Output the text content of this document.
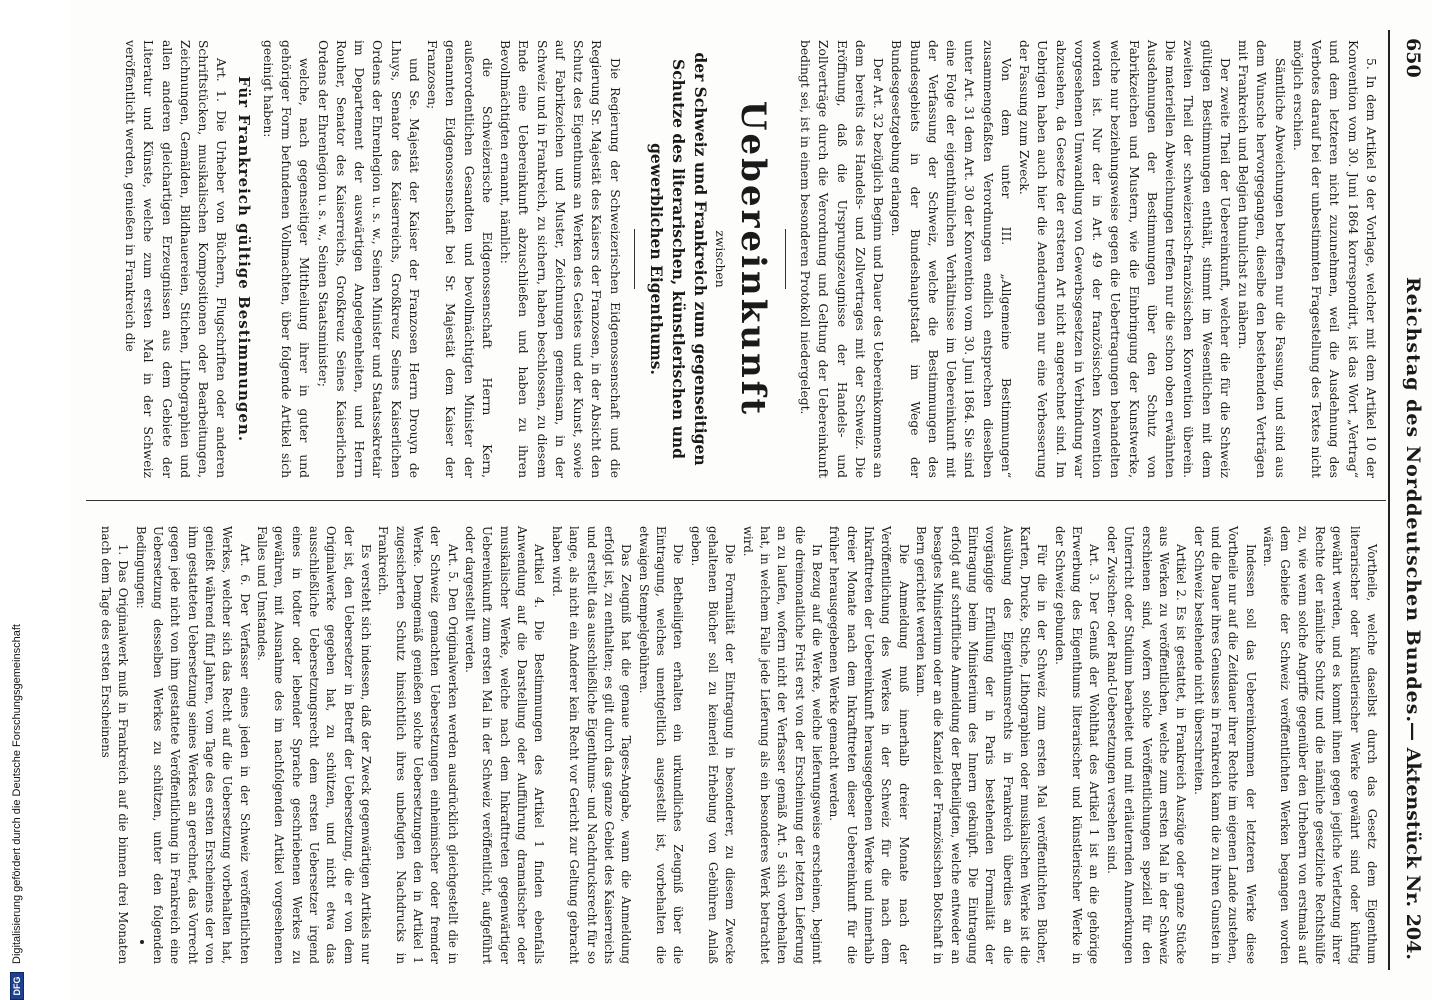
DFG
Digitalisierung gefördert durch die Deutsche Forschungsgemeinschaft
650
Reichstag des Norddeutschen Bundes.
— Aktenstück Nr. 204.

5. In dem Artikel 9 der Vorlage, welcher mit dem Artikel 10 der Konvention vom 30. Juni 1864 korrespondirt, ist das Wort „Vertrag“ und dem letzteren nicht zuzunehmen, weil die Ausdehnung des Verbotes darauf bei der unbestimmten Fragestellung des Textes nicht möglich erschien.

Sämtliche Abweichungen betreffen nur die Fassung, und sind aus dem Wunsche hervorgegangen, dieselbe den bestehenden Verträgen mit Frankreich und Belgien thunlichst zu nähern.

Der zweite Theil der Uebereinkunft, welcher die für die Schweiz gültigen Bestimmungen enthält, stimmt im Wesentlichen mit dem zweiten Theil der schweizerisch-französischen Konvention überein. Die materiellen Abweichungen treffen nur die schon oben erwähnten Ausdehnungen der Bestimmungen über den Schutz von Fabrikzeichen und Mustern, wie die Einbringung der Kunstwerke, welche nur beziehungsweise gegen die Uebertragungen behandelten worden ist. Nur der in Art. 49 der französischen Konvention vorgesehenen Umwandlung von Gewerbsgesetzen in Verbindung war abzusehen, da Gesetze der ersteren Art nicht angerechnet sind. Im Uebrigen haben auch hier die Aenderungen nur eine Verbesserung der Fassung zum Zweck.

Von dem unter III. „Allgemeine Bestimmungen“ zusammengefaßten Verordnungen endlich entsprechen dieselben unter Art. 31 dem Art. 30 der Konvention vom 30. Juni 1864. Sie sind eine Folge der eigenthümlichen Verhältnisse im Uebereinkunft mit der Verfassung der Schweiz, welche die Bestimmungen des Bundesgebiets in der Bundeshauptstadt im Wege der Bundesgesetzgebung erlangen.

Der Art. 32 bezüglich Beginn und Dauer des Uebereinkommens an dem bereits des Handels- und Zollvertrages mit der Schweiz. Die Eröffnung, daß die Ursprungszeugnisse der Handels- und Zollverträge durch die Verordnung und Geltung der Uebereinkunft bedingt sei, ist in einem besonderen Protokoll niedergelegt.

Uebereinkunft

zwischen

der Schweiz und Frankreich zum gegenseitigen Schutze des literarischen, künstlerischen und gewerblichen Eigenthums.

Die Regierung der Schweizerischen Eidgenossenschaft und die Regierung Sr. Majestät des Kaisers der Franzosen, in der Absicht den Schutz des Eigenthums an Werken des Geistes und der Kunst, sowie auf Fabrikzeichen und Muster, Zeichnungen gemeinsam, in der Schweiz und in Frankreich, zu sichern, haben beschlossen, zu diesem Ende eine Uebereinkunft abzuschließen und haben zu ihren Bevollmächtigten ernannt, nämlich:

die Schweizerische Eidgenossenschaft Herrn Kern, außerordentlichen Gesandten und bevollmächtigten Minister der genannten Eidgenossenschaft bei Sr. Majestät dem Kaiser der Franzosen;

und Se. Majestät der Kaiser der Franzosen Herrn Drouyn de Lhuys, Senator des Kaiserreichs, Großkreuz Seines Kaiserlichen Ordens der Ehrenlegion u. s. w., Seinen Minister und Staatssekretair im Departement der auswärtigen Angelegenheiten, und Herrn Rouher, Senator des Kaiserreichs, Großkreuz Seines Kaiserlichen Ordens der Ehrenlegion u. s. w., Seinen Staatsminister;

welche, nach gegenseitiger Mittheilung ihrer in guter und gehöriger Form befundenen Vollmachten, über folgende Artikel sich geeinigt haben:

Für Frankreich gültige Bestimmungen.

Art. 1. Die Urheber von Büchern, Flugschriften oder anderen Schriftstücken, musikalischen Kompositionen oder Bearbeitungen, Zeichnungen, Gemälden, Bildhauereien, Stichen, Lithographien und allen anderen gleichartigen Erzeugnissen aus dem Gebiete der Literatur und Künste, welche zum ersten Mal in der Schweiz veröffentlicht werden, genießen in Frankreich die

Vortheile, welche daselbst durch das Gesetz dem Eigenthum literarischer oder künstlerischer Werke gewährt sind oder künftig gewährt werden, und es kommt ihnen gegen jegliche Verletzung ihrer Rechte der nämliche Schutz und die nämliche gesetzliche Rechtshülfe zu, wie wenn solche Angriffe gegenüber den Urhebern von erstmals auf dem Gebiete der Schweiz veröffentlichten Werken begangen worden wären.

Indessen soll das Uebereinkommen der letzteren Werke diese Vortheile nur auf die Zeitdauer ihrer Rechte im eigenen Lande zustehen, und die Dauer ihres Genusses in Frankreich kann die zu ihren Gunsten in der Schweiz bestehende nicht überschreiten.

Artikel 2. Es ist gestattet, in Frankreich Auszüge oder ganze Stücke aus Werken zu veröffentlichen, welche zum ersten Mal in der Schweiz erschienen sind, wofern solche Veröffentlichungen speziell für den Unterricht oder Studium bearbeitet und mit erläuternden Anmerkungen oder Zwischen- oder Rand-Uebersetzungen versehen sind.

Art. 3. Der Genuß der Wohlthat des Artikel 1 ist an die gehörige Erwerbung des Eigenthums literarischer und künstlerischer Werke in der Schweiz gebunden.

Für die in der Schweiz zum ersten Mal veröffentlichten Bücher, Karten, Drucke, Stiche, Lithographien oder musikalischen Werke ist die Ausübung des Eigenthumsrechts in Frankreich überdies an die vorgängige Erfüllung der in Paris bestehenden Formalität der Eintragung beim Ministerium des Innern geknüpft. Die Eintragung erfolgt auf schriftliche Anmeldung der Betheiligten, welche entweder an besagtes Ministerium oder an die Kanzlei der Französischen Botschaft in Bern gerichtet werden kann.

Die Anmeldung muß innerhalb dreier Monate nach der Veröffentlichung des Werkes in der Schweiz für die nach dem Inkrafttreten der Uebereinkunft herausgegebenen Werke und innerhalb dreier Monate nach dem Inkrafttreten dieser Uebereinkunft für die früher herausgegebenen Werke gemacht werden.

In Bezug auf die Werke, welche lieferungsweise erscheinen, beginnt die dreimonatliche Frist erst von der Erscheinung der letzten Lieferung an zu laufen, wofern nicht der Verfasser gemäß Art. 5 sich vorbehalten hat, in welchem Falle jede Lieferung als ein besonderes Werk betrachtet wird.

Die Formalität der Eintragung in besonderer, zu diesem Zwecke gehaltenen Bücher soll zu keinerlei Erhebung von Gebühren Anlaß geben.

Die Betheiligten erhalten ein urkundliches Zeugniß über die Eintragung, welches unentgeltlich ausgestellt ist, vorbehalten die etwaigen Stempelgebühren.

Das Zeugniß hat die genaue Tages-Angabe, wann die Anmeldung erfolgt ist, zu enthalten; es gilt durch das ganze Gebiet des Kaiserreichs und erstellt das ausschließliche Eigenthums- und Nachdrucksrecht für so lange, als nicht ein Anderer kein Recht vor Gericht zur Geltung gebracht haben wird.

Artikel 4. Die Bestimmungen des Artikel 1 finden ebenfalls Anwendung auf die Darstellung oder Aufführung dramatischer oder musikalischer Werke, welche nach dem Inkrafttreten gegenwärtiger Uebereinkunft zum ersten Mal in der Schweiz veröffentlicht, aufgeführt oder dargestellt werden.

Art. 5. Den Originalwerken werden ausdrücklich gleichgestellt die in der Schweiz gemachten Uebersetzungen einheimischer oder fremder Werke. Demgemäß genießen solche Uebersetzungen den in Artikel 1 zugesicherten Schutz hinsichtlich ihres unbefugten Nachdrucks in Frankreich.

Es versteht sich indessen, daß der Zweck gegenwärtigen Artikels nur der ist, den Uebersetzer in Betreff der Uebersetzung, die er von dem Originalwerke gegeben hat, zu schützen, und nicht etwa das ausschließliche Uebersetzungsrecht dem ersten Uebersetzer irgend eines in todter oder lebender Sprache geschriebenen Werkes zu gewähren, mit Ausnahme des im nachfolgenden Artikel vorgesehenen Falles und Umstandes.

Art. 6. Der Verfasser eines jeden in der Schweiz veröffentlichten Werkes, welcher sich das Recht auf die Uebersetzung vorbehalten hat, genießt während fünf Jahren, vom Tage des ersten Erscheinens der von ihm gestatteten Uebersetzung seines Werkes an gerechnet, das Vorrecht gegen jede nicht von ihm gestattete Veröffentlichung in Frankreich eine Uebersetzung desselben Werkes zu schützen, unter den folgenden Bedingungen:

1. Das Originalwerk muß in Frankreich auf die binnen drei Monaten nach dem Tage des ersten Erscheinens
